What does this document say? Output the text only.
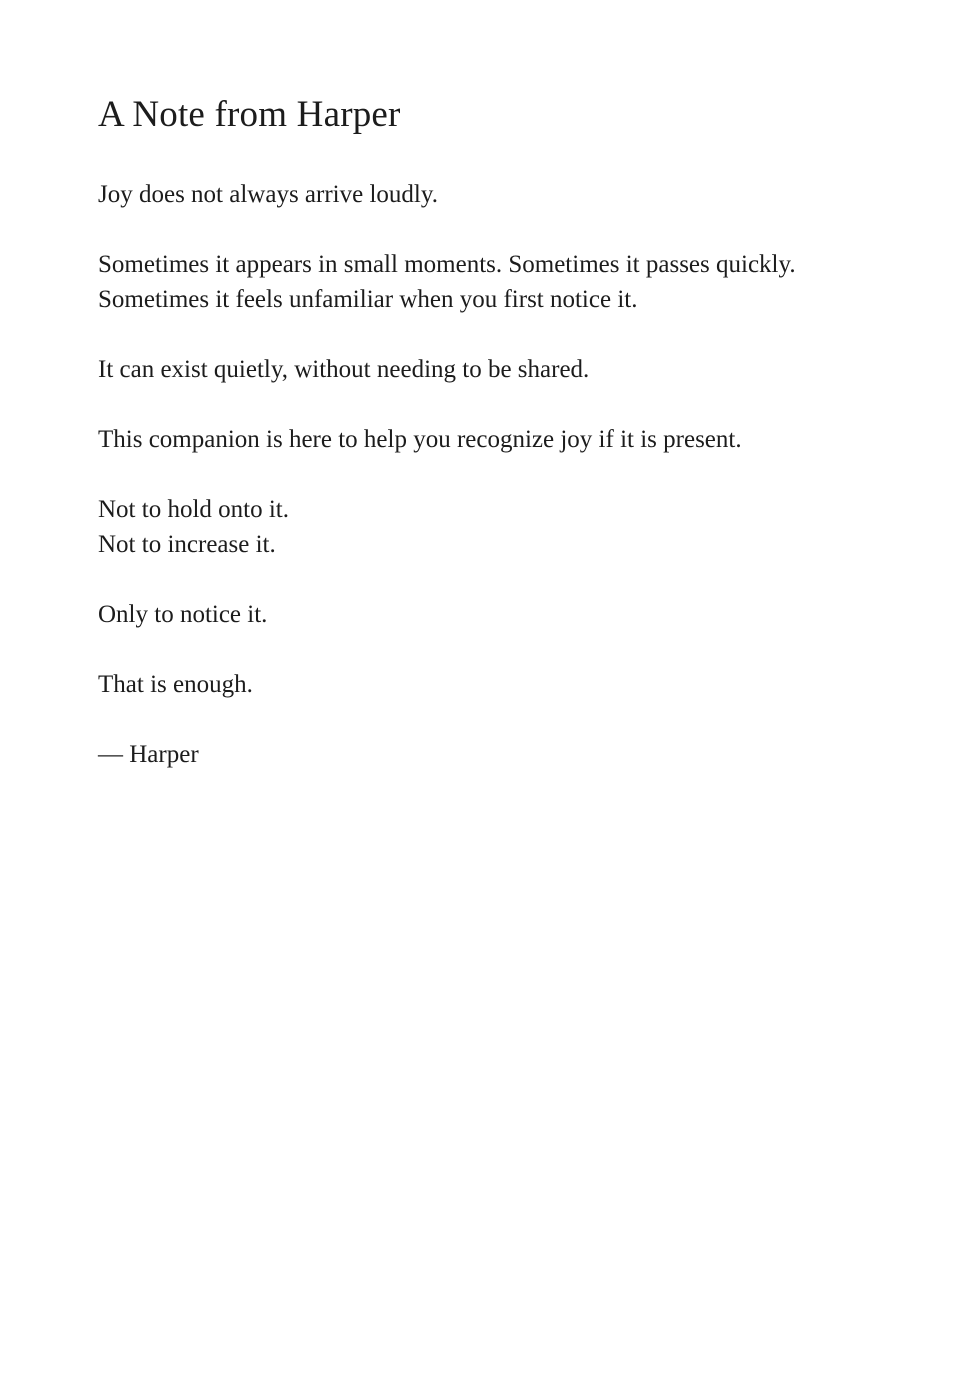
A Note from Harper

Joy does not always arrive loudly.

Sometimes it appears in small moments. Sometimes it passes quickly.
Sometimes it feels unfamiliar when you first notice it.

It can exist quietly, without needing to be shared.

This companion is here to help you recognize joy if it is present.

Not to hold onto it.
Not to increase it.

Only to notice it.

That is enough.

— Harper
